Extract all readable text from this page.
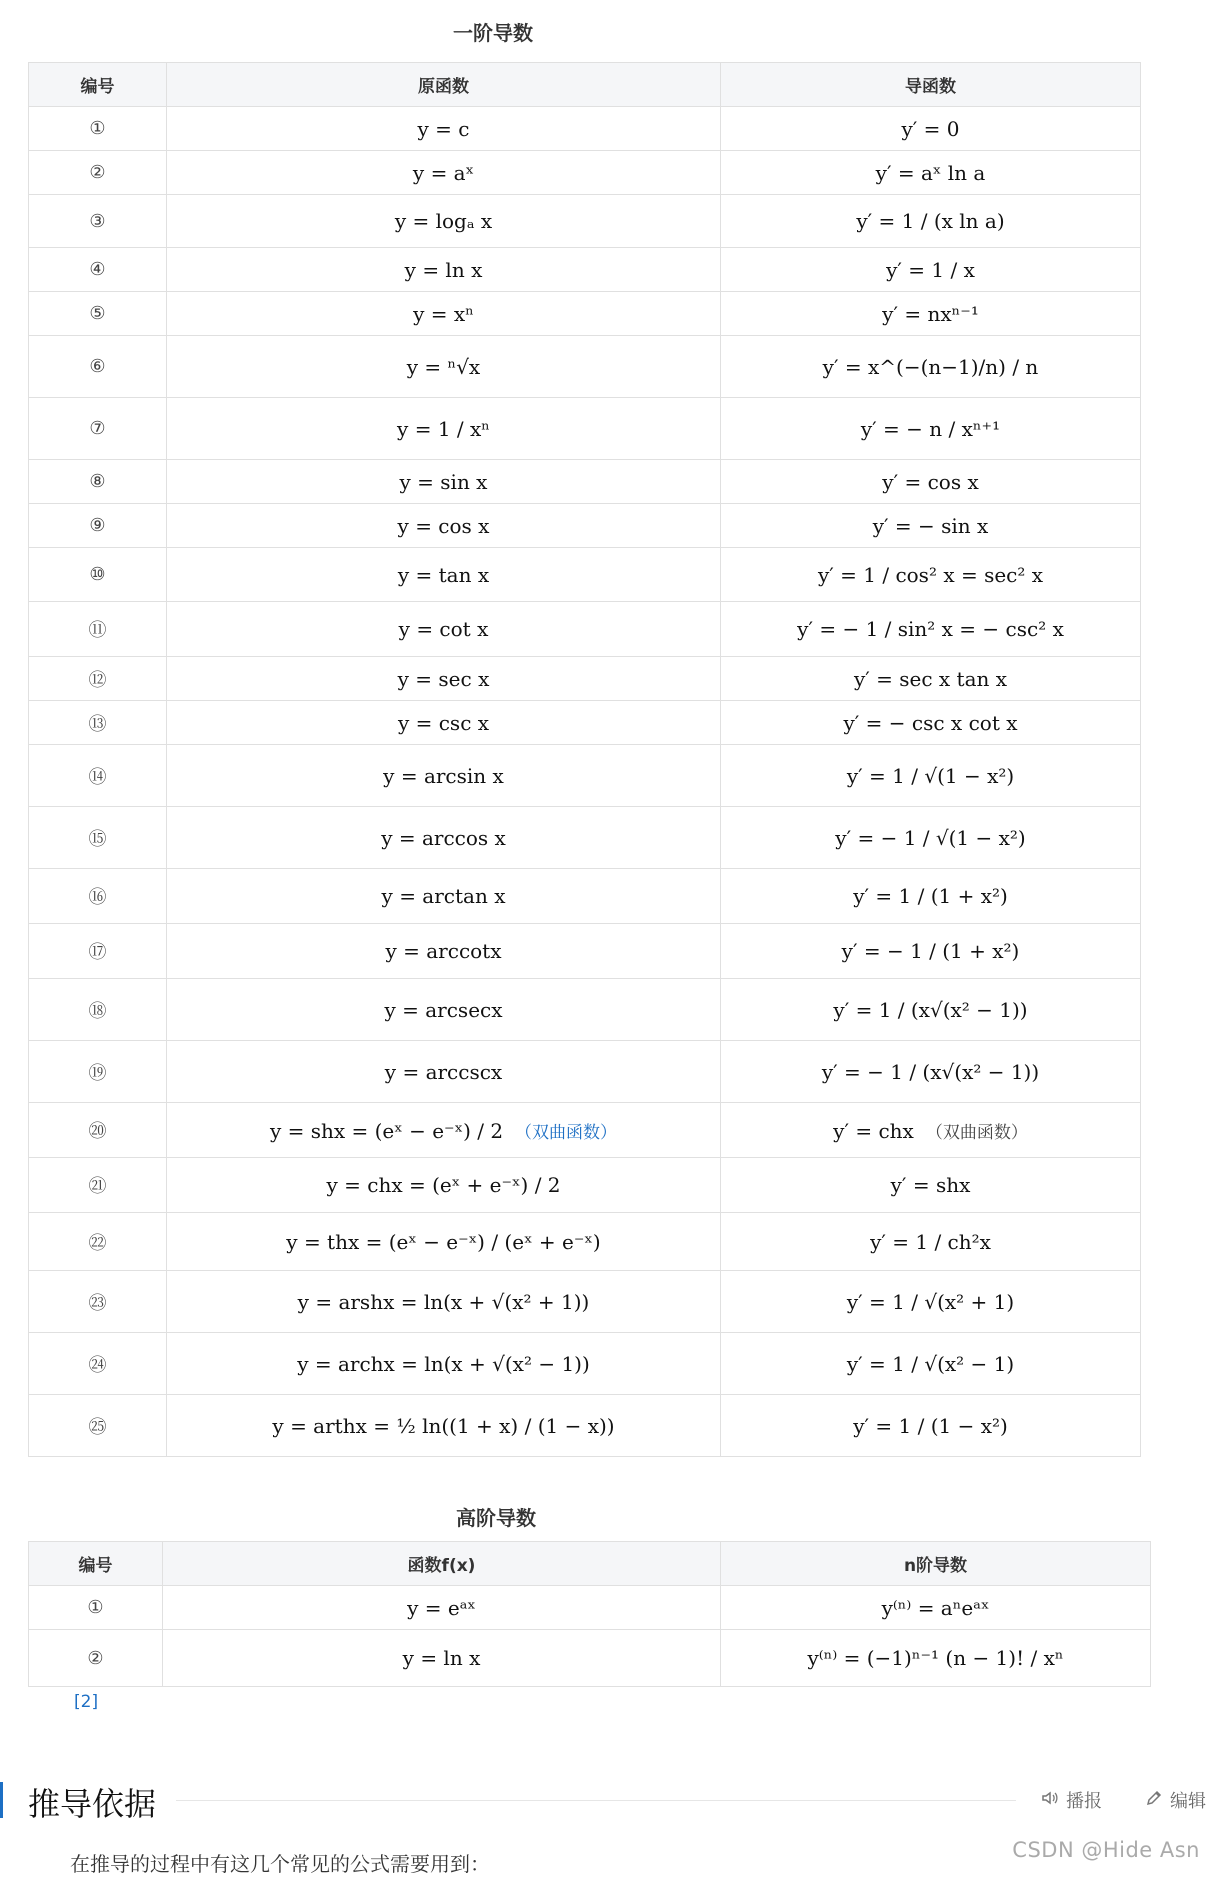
一阶导数
编号	原函数	导函数
①	y = c	y′ = 0
②	y = aˣ	y′ = aˣ ln a
③	y = logₐ x	y′ = 1 / (x ln a)
④	y = ln x	y′ = 1 / x
⑤	y = xⁿ	y′ = nxⁿ⁻¹
⑥	y = ⁿ√x	y′ = x^(−(n−1)/n) / n
⑦	y = 1 / xⁿ	y′ = − n / xⁿ⁺¹
⑧	y = sin x	y′ = cos x
⑨	y = cos x	y′ = − sin x
⑩	y = tan x	y′ = 1 / cos² x = sec² x
⑪	y = cot x	y′ = − 1 / sin² x = − csc² x
⑫	y = sec x	y′ = sec x tan x
⑬	y = csc x	y′ = − csc x cot x
⑭	y = arcsin x	y′ = 1 / √(1 − x²)
⑮	y = arccos x	y′ = − 1 / √(1 − x²)
⑯	y = arctan x	y′ = 1 / (1 + x²)
⑰	y = arccotx	y′ = − 1 / (1 + x²)
⑱	y = arcsecx	y′ = 1 / (x√(x² − 1))
⑲	y = arccscx	y′ = − 1 / (x√(x² − 1))
⑳	y = shx = (eˣ − e⁻ˣ) / 2 （双曲函数）	y′ = chx （双曲函数）
㉑	y = chx = (eˣ + e⁻ˣ) / 2	y′ = shx
㉒	y = thx = (eˣ − e⁻ˣ) / (eˣ + e⁻ˣ)	y′ = 1 / ch²x
㉓	y = arshx = ln(x + √(x² + 1))	y′ = 1 / √(x² + 1)
㉔	y = archx = ln(x + √(x² − 1))	y′ = 1 / √(x² − 1)
㉕	y = arthx = ½ ln((1 + x) / (1 − x))	y′ = 1 / (1 − x²)
高阶导数
编号	函数f(x)	n阶导数
①	y = eᵃˣ	y⁽ⁿ⁾ = aⁿeᵃˣ
②	y = ln x	y⁽ⁿ⁾ = (−1)ⁿ⁻¹ (n − 1)! / xⁿ
[2]
推导依据	播报	编辑
在推导的过程中有这几个常见的公式需要用到：
CSDN @Hide Asn
